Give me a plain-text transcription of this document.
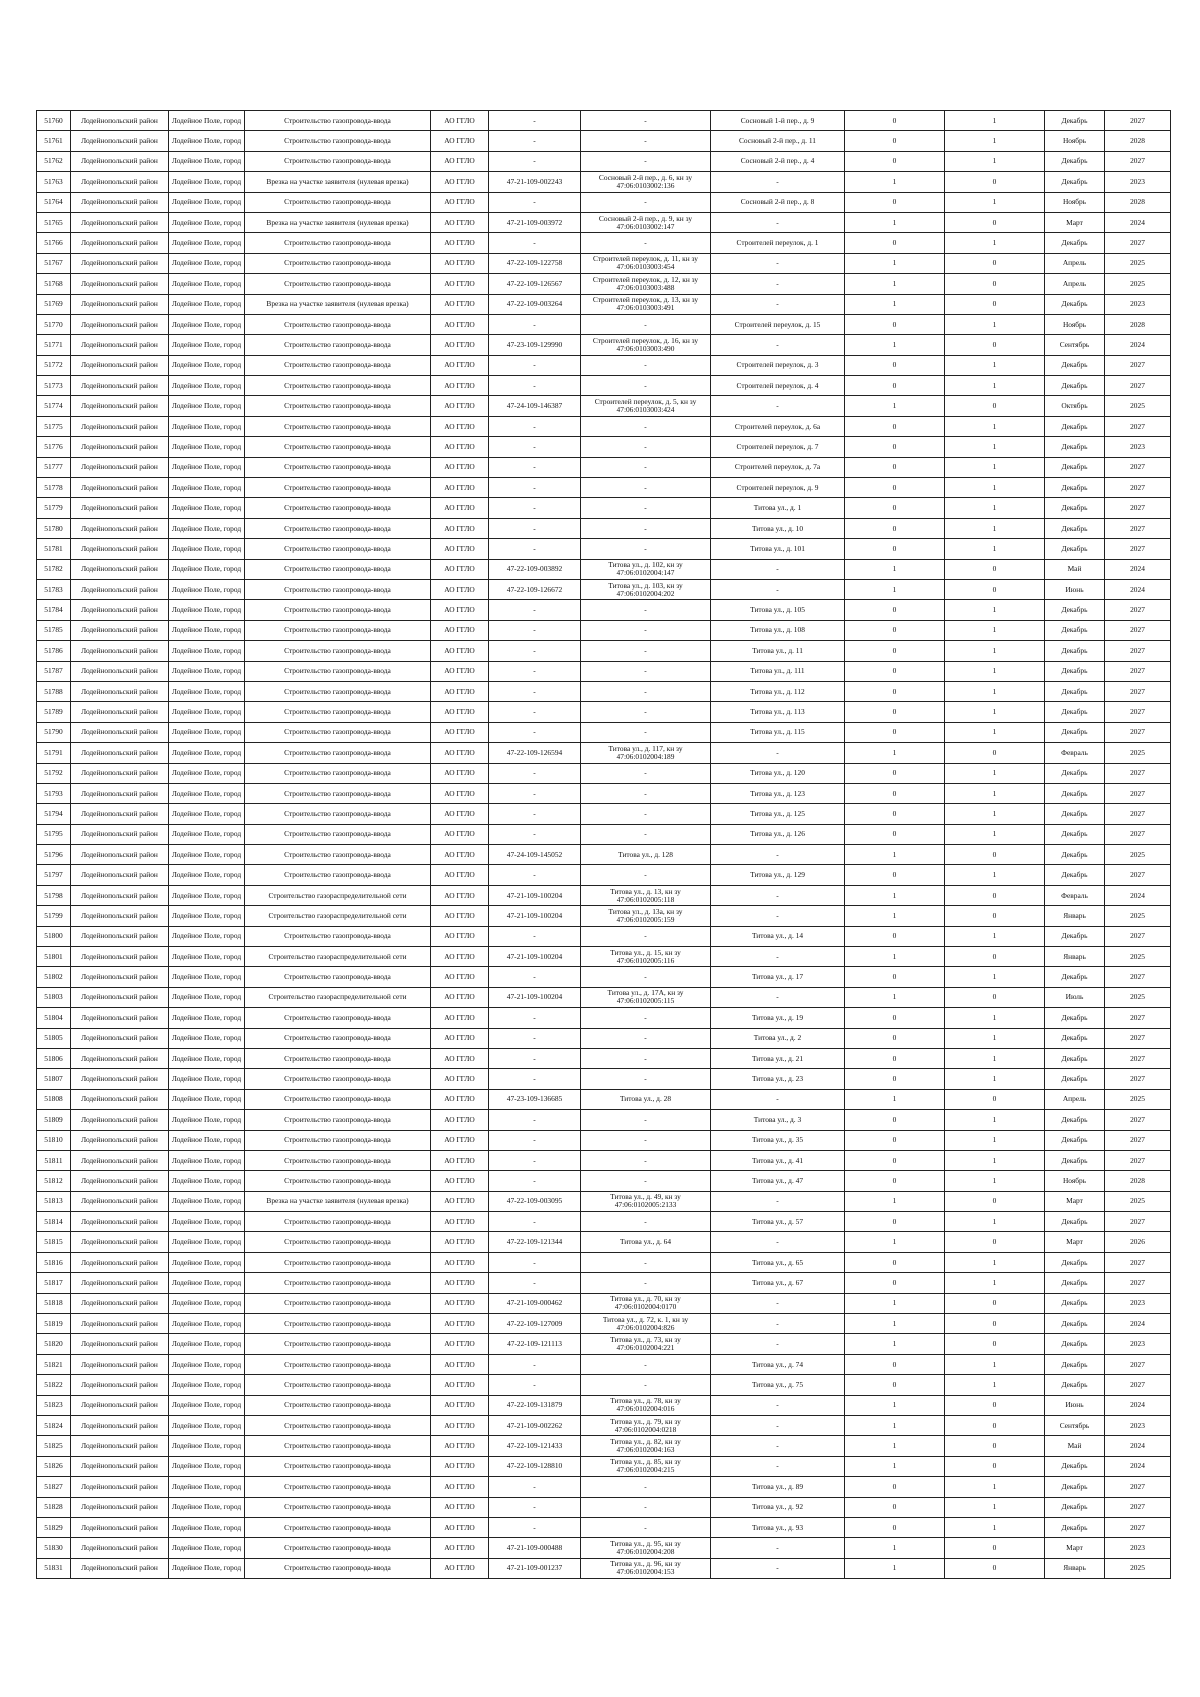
51760	Лодейнопольский район	Лодейное Поле, город	Строительство газопровода-ввода	АО ГГЛО	-	-	Сосновый 1-й пер., д. 9	0	1	Декабрь	2027
51761	Лодейнопольский район	Лодейное Поле, город	Строительство газопровода-ввода	АО ГГЛО	-	-	Сосновый 2-й пер., д. 11	0	1	Ноябрь	2028
51762	Лодейнопольский район	Лодейное Поле, город	Строительство газопровода-ввода	АО ГГЛО	-	-	Сосновый 2-й пер., д. 4	0	1	Декабрь	2027
51763	Лодейнопольский район	Лодейное Поле, город	Врезка на участке заявителя (нулевая врезка)	АО ГГЛО	47-21-109-002243	Сосновый 2-й пер., д. 6, кн зу 47:06:0103002:136	-	1	0	Декабрь	2023
51764	Лодейнопольский район	Лодейное Поле, город	Строительство газопровода-ввода	АО ГГЛО	-	-	Сосновый 2-й пер., д. 8	0	1	Ноябрь	2028
51765	Лодейнопольский район	Лодейное Поле, город	Врезка на участке заявителя (нулевая врезка)	АО ГГЛО	47-21-109-003972	Сосновый 2-й пер., д. 9, кн зу 47:06:0103002:147	-	1	0	Март	2024
51766	Лодейнопольский район	Лодейное Поле, город	Строительство газопровода-ввода	АО ГГЛО	-	-	Строителей переулок, д. 1	0	1	Декабрь	2027
51767	Лодейнопольский район	Лодейное Поле, город	Строительство газопровода-ввода	АО ГГЛО	47-22-109-122758	Строителей переулок, д. 11, кн зу 47:06:0103003:454	-	1	0	Апрель	2025
51768	Лодейнопольский район	Лодейное Поле, город	Строительство газопровода-ввода	АО ГГЛО	47-22-109-126567	Строителей переулок, д. 12, кн зу 47:06:0103003:488	-	1	0	Апрель	2025
51769	Лодейнопольский район	Лодейное Поле, город	Врезка на участке заявителя (нулевая врезка)	АО ГГЛО	47-22-109-003264	Строителей переулок, д. 13, кн зу 47:06:0103003:491	-	1	0	Декабрь	2023
51770	Лодейнопольский район	Лодейное Поле, город	Строительство газопровода-ввода	АО ГГЛО	-	-	Строителей переулок, д. 15	0	1	Ноябрь	2028
51771	Лодейнопольский район	Лодейное Поле, город	Строительство газопровода-ввода	АО ГГЛО	47-23-109-129990	Строителей переулок, д. 16, кн зу 47:06:0103003:490	-	1	0	Сентябрь	2024
51772	Лодейнопольский район	Лодейное Поле, город	Строительство газопровода-ввода	АО ГГЛО	-	-	Строителей переулок, д. 3	0	1	Декабрь	2027
51773	Лодейнопольский район	Лодейное Поле, город	Строительство газопровода-ввода	АО ГГЛО	-	-	Строителей переулок, д. 4	0	1	Декабрь	2027
51774	Лодейнопольский район	Лодейное Поле, город	Строительство газопровода-ввода	АО ГГЛО	47-24-109-146387	Строителей переулок, д. 5, кн зу 47:06:0103003:424	-	1	0	Октябрь	2025
51775	Лодейнопольский район	Лодейное Поле, город	Строительство газопровода-ввода	АО ГГЛО	-	-	Строителей переулок, д. 6а	0	1	Декабрь	2027
51776	Лодейнопольский район	Лодейное Поле, город	Строительство газопровода-ввода	АО ГГЛО	-	-	Строителей переулок, д. 7	0	1	Декабрь	2023
51777	Лодейнопольский район	Лодейное Поле, город	Строительство газопровода-ввода	АО ГГЛО	-	-	Строителей переулок, д. 7а	0	1	Декабрь	2027
51778	Лодейнопольский район	Лодейное Поле, город	Строительство газопровода-ввода	АО ГГЛО	-	-	Строителей переулок, д. 9	0	1	Декабрь	2027
51779	Лодейнопольский район	Лодейное Поле, город	Строительство газопровода-ввода	АО ГГЛО	-	-	Титова ул., д. 1	0	1	Декабрь	2027
51780	Лодейнопольский район	Лодейное Поле, город	Строительство газопровода-ввода	АО ГГЛО	-	-	Титова ул., д. 10	0	1	Декабрь	2027
51781	Лодейнопольский район	Лодейное Поле, город	Строительство газопровода-ввода	АО ГГЛО	-	-	Титова ул., д. 101	0	1	Декабрь	2027
51782	Лодейнопольский район	Лодейное Поле, город	Строительство газопровода-ввода	АО ГГЛО	47-22-109-003892	Титова ул., д. 102, кн зу 47:06:0102004:147	-	1	0	Май	2024
51783	Лодейнопольский район	Лодейное Поле, город	Строительство газопровода-ввода	АО ГГЛО	47-22-109-126672	Титова ул., д. 103, кн зу 47:06:0102004:202	-	1	0	Июнь	2024
51784	Лодейнопольский район	Лодейное Поле, город	Строительство газопровода-ввода	АО ГГЛО	-	-	Титова ул., д. 105	0	1	Декабрь	2027
51785	Лодейнопольский район	Лодейное Поле, город	Строительство газопровода-ввода	АО ГГЛО	-	-	Титова ул., д. 108	0	1	Декабрь	2027
51786	Лодейнопольский район	Лодейное Поле, город	Строительство газопровода-ввода	АО ГГЛО	-	-	Титова ул., д. 11	0	1	Декабрь	2027
51787	Лодейнопольский район	Лодейное Поле, город	Строительство газопровода-ввода	АО ГГЛО	-	-	Титова ул., д. 111	0	1	Декабрь	2027
51788	Лодейнопольский район	Лодейное Поле, город	Строительство газопровода-ввода	АО ГГЛО	-	-	Титова ул., д. 112	0	1	Декабрь	2027
51789	Лодейнопольский район	Лодейное Поле, город	Строительство газопровода-ввода	АО ГГЛО	-	-	Титова ул., д. 113	0	1	Декабрь	2027
51790	Лодейнопольский район	Лодейное Поле, город	Строительство газопровода-ввода	АО ГГЛО	-	-	Титова ул., д. 115	0	1	Декабрь	2027
51791	Лодейнопольский район	Лодейное Поле, город	Строительство газопровода-ввода	АО ГГЛО	47-22-109-126594	Титова ул., д. 117, кн зу 47:06:0102004:189	-	1	0	Февраль	2025
51792	Лодейнопольский район	Лодейное Поле, город	Строительство газопровода-ввода	АО ГГЛО	-	-	Титова ул., д. 120	0	1	Декабрь	2027
51793	Лодейнопольский район	Лодейное Поле, город	Строительство газопровода-ввода	АО ГГЛО	-	-	Титова ул., д. 123	0	1	Декабрь	2027
51794	Лодейнопольский район	Лодейное Поле, город	Строительство газопровода-ввода	АО ГГЛО	-	-	Титова ул., д. 125	0	1	Декабрь	2027
51795	Лодейнопольский район	Лодейное Поле, город	Строительство газопровода-ввода	АО ГГЛО	-	-	Титова ул., д. 126	0	1	Декабрь	2027
51796	Лодейнопольский район	Лодейное Поле, город	Строительство газопровода-ввода	АО ГГЛО	47-24-109-145052	Титова ул., д. 128	-	1	0	Декабрь	2025
51797	Лодейнопольский район	Лодейное Поле, город	Строительство газопровода-ввода	АО ГГЛО	-	-	Титова ул., д. 129	0	1	Декабрь	2027
51798	Лодейнопольский район	Лодейное Поле, город	Строительство газораспределительной сети	АО ГГЛО	47-21-109-100204	Титова ул., д. 13, кн зу 47:06:0102005:118	-	1	0	Февраль	2024
51799	Лодейнопольский район	Лодейное Поле, город	Строительство газораспределительной сети	АО ГГЛО	47-21-109-100204	Титова ул., д. 13а, кн зу 47:06:0102005:159	-	1	0	Январь	2025
51800	Лодейнопольский район	Лодейное Поле, город	Строительство газопровода-ввода	АО ГГЛО	-	-	Титова ул., д. 14	0	1	Декабрь	2027
51801	Лодейнопольский район	Лодейное Поле, город	Строительство газораспределительной сети	АО ГГЛО	47-21-109-100204	Титова ул., д. 15, кн зу 47:06:0102005:116	-	1	0	Январь	2025
51802	Лодейнопольский район	Лодейное Поле, город	Строительство газопровода-ввода	АО ГГЛО	-	-	Титова ул., д. 17	0	1	Декабрь	2027
51803	Лодейнопольский район	Лодейное Поле, город	Строительство газораспределительной сети	АО ГГЛО	47-21-109-100204	Титова ул., д. 17А, кн зу 47:06:0102005:115	-	1	0	Июль	2025
51804	Лодейнопольский район	Лодейное Поле, город	Строительство газопровода-ввода	АО ГГЛО	-	-	Титова ул., д. 19	0	1	Декабрь	2027
51805	Лодейнопольский район	Лодейное Поле, город	Строительство газопровода-ввода	АО ГГЛО	-	-	Титова ул., д. 2	0	1	Декабрь	2027
51806	Лодейнопольский район	Лодейное Поле, город	Строительство газопровода-ввода	АО ГГЛО	-	-	Титова ул., д. 21	0	1	Декабрь	2027
51807	Лодейнопольский район	Лодейное Поле, город	Строительство газопровода-ввода	АО ГГЛО	-	-	Титова ул., д. 23	0	1	Декабрь	2027
51808	Лодейнопольский район	Лодейное Поле, город	Строительство газопровода-ввода	АО ГГЛО	47-23-109-136685	Титова ул., д. 28	-	1	0	Апрель	2025
51809	Лодейнопольский район	Лодейное Поле, город	Строительство газопровода-ввода	АО ГГЛО	-	-	Титова ул., д. 3	0	1	Декабрь	2027
51810	Лодейнопольский район	Лодейное Поле, город	Строительство газопровода-ввода	АО ГГЛО	-	-	Титова ул., д. 35	0	1	Декабрь	2027
51811	Лодейнопольский район	Лодейное Поле, город	Строительство газопровода-ввода	АО ГГЛО	-	-	Титова ул., д. 41	0	1	Декабрь	2027
51812	Лодейнопольский район	Лодейное Поле, город	Строительство газопровода-ввода	АО ГГЛО	-	-	Титова ул., д. 47	0	1	Ноябрь	2028
51813	Лодейнопольский район	Лодейное Поле, город	Врезка на участке заявителя (нулевая врезка)	АО ГГЛО	47-22-109-003095	Титова ул., д. 49, кн зу 47:06:0102005:2133	-	1	0	Март	2025
51814	Лодейнопольский район	Лодейное Поле, город	Строительство газопровода-ввода	АО ГГЛО	-	-	Титова ул., д. 57	0	1	Декабрь	2027
51815	Лодейнопольский район	Лодейное Поле, город	Строительство газопровода-ввода	АО ГГЛО	47-22-109-121344	Титова ул., д. 64	-	1	0	Март	2026
51816	Лодейнопольский район	Лодейное Поле, город	Строительство газопровода-ввода	АО ГГЛО	-	-	Титова ул., д. 65	0	1	Декабрь	2027
51817	Лодейнопольский район	Лодейное Поле, город	Строительство газопровода-ввода	АО ГГЛО	-	-	Титова ул., д. 67	0	1	Декабрь	2027
51818	Лодейнопольский район	Лодейное Поле, город	Строительство газопровода-ввода	АО ГГЛО	47-21-109-000462	Титова ул., д. 70, кн зу 47:06:0102004:0170	-	1	0	Декабрь	2023
51819	Лодейнопольский район	Лодейное Поле, город	Строительство газопровода-ввода	АО ГГЛО	47-22-109-127009	Титова ул., д. 72, к. 1, кн зу 47:06:0102004:826	-	1	0	Декабрь	2024
51820	Лодейнопольский район	Лодейное Поле, город	Строительство газопровода-ввода	АО ГГЛО	47-22-109-121113	Титова ул., д. 73, кн зу 47:06:0102004:221	-	1	0	Декабрь	2023
51821	Лодейнопольский район	Лодейное Поле, город	Строительство газопровода-ввода	АО ГГЛО	-	-	Титова ул., д. 74	0	1	Декабрь	2027
51822	Лодейнопольский район	Лодейное Поле, город	Строительство газопровода-ввода	АО ГГЛО	-	-	Титова ул., д. 75	0	1	Декабрь	2027
51823	Лодейнопольский район	Лодейное Поле, город	Строительство газопровода-ввода	АО ГГЛО	47-22-109-131879	Титова ул., д. 78, кн зу 47:06:0102004:016	-	1	0	Июнь	2024
51824	Лодейнопольский район	Лодейное Поле, город	Строительство газопровода-ввода	АО ГГЛО	47-21-109-002262	Титова ул., д. 79, кн зу 47:06:0102004:0218	-	1	0	Сентябрь	2023
51825	Лодейнопольский район	Лодейное Поле, город	Строительство газопровода-ввода	АО ГГЛО	47-22-109-121433	Титова ул., д. 82, кн зу 47:06:0102004:163	-	1	0	Май	2024
51826	Лодейнопольский район	Лодейное Поле, город	Строительство газопровода-ввода	АО ГГЛО	47-22-109-128810	Титова ул., д. 85, кн зу 47:06:0102004:215	-	1	0	Декабрь	2024
51827	Лодейнопольский район	Лодейное Поле, город	Строительство газопровода-ввода	АО ГГЛО	-	-	Титова ул., д. 89	0	1	Декабрь	2027
51828	Лодейнопольский район	Лодейное Поле, город	Строительство газопровода-ввода	АО ГГЛО	-	-	Титова ул., д. 92	0	1	Декабрь	2027
51829	Лодейнопольский район	Лодейное Поле, город	Строительство газопровода-ввода	АО ГГЛО	-	-	Титова ул., д. 93	0	1	Декабрь	2027
51830	Лодейнопольский район	Лодейное Поле, город	Строительство газопровода-ввода	АО ГГЛО	47-21-109-000488	Титова ул., д. 95, кн зу 47:06:0102004:208	-	1	0	Март	2023
51831	Лодейнопольский район	Лодейное Поле, город	Строительство газопровода-ввода	АО ГГЛО	47-21-109-001237	Титова ул., д. 96, кн зу 47:06:0102004:153	-	1	0	Январь	2025
